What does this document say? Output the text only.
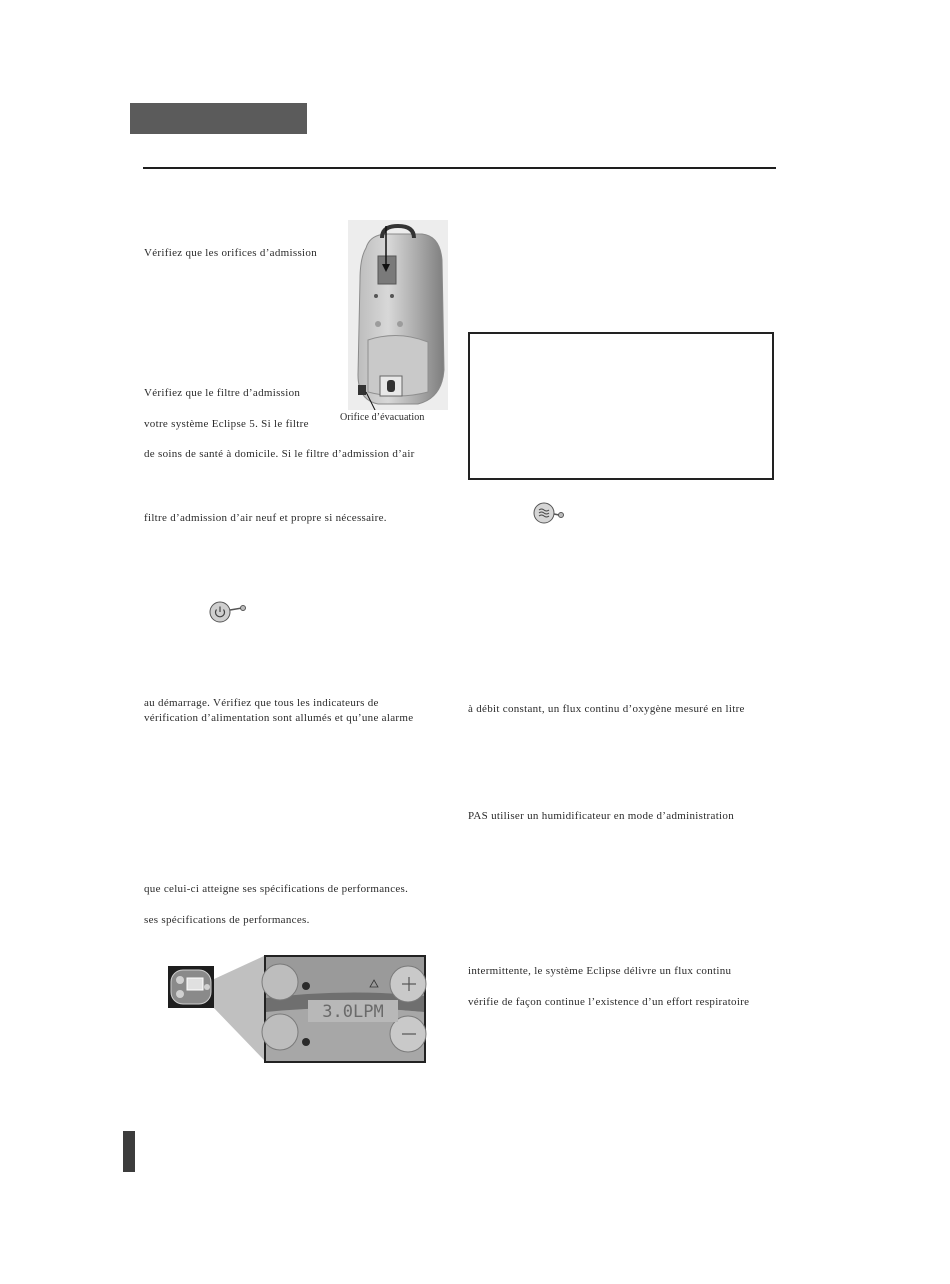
Vérifiez que les orifices d’admission
Vérifiez que le filtre d’admission
votre système Eclipse 5. Si le filtre
de soins de santé à domicile. Si le filtre d’admission d’air
filtre d’admission d’air neuf et propre si nécessaire.
au démarrage. Vérifiez que tous les indicateurs de
vérification d’alimentation sont allumés et qu’une alarme
que celui-ci atteigne ses spécifications de performances.
ses spécifications de performances.
Orifice d’évacuation
à débit constant, un flux continu d’oxygène mesuré en litre
PAS utiliser un humidificateur en mode d’administration
intermittente, le système Eclipse délivre un flux continu
vérifie de façon continue l’existence d’un effort respiratoire
3.0LPM
